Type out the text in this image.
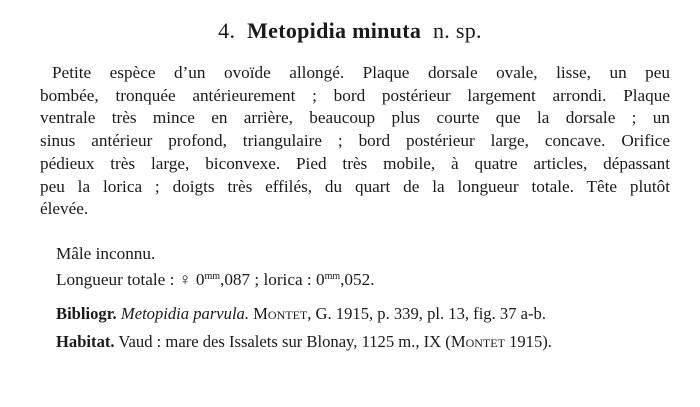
4. Metopidia minuta n. sp.
Petite espèce d’un ovoïde allongé. Plaque dorsale ovale, lisse, un peu
bombée, tronquée antérieurement ; bord postérieur largement arrondi. Plaque
ventrale très mince en arrière, beaucoup plus courte que la dorsale ; un
sinus antérieur profond, triangulaire ; bord postérieur large, concave. Orifice
pédieux très large, biconvexe. Pied très mobile, à quatre articles, dépassant
peu la lorica ; doigts très effilés, du quart de la longueur totale. Tête plutôt
élevée.
Mâle inconnu.
Longueur totale : ♀ $0^{mm},087$ ; lorica : $0^{mm},052$.
Bibliogr. Metopidia parvula. Montet, G. 1915, p. 339, pl. 13, fig. 37 a-b.
Habitat. Vaud : mare des Issalets sur Blonay, 1125 m., IX (Montet 1915).
